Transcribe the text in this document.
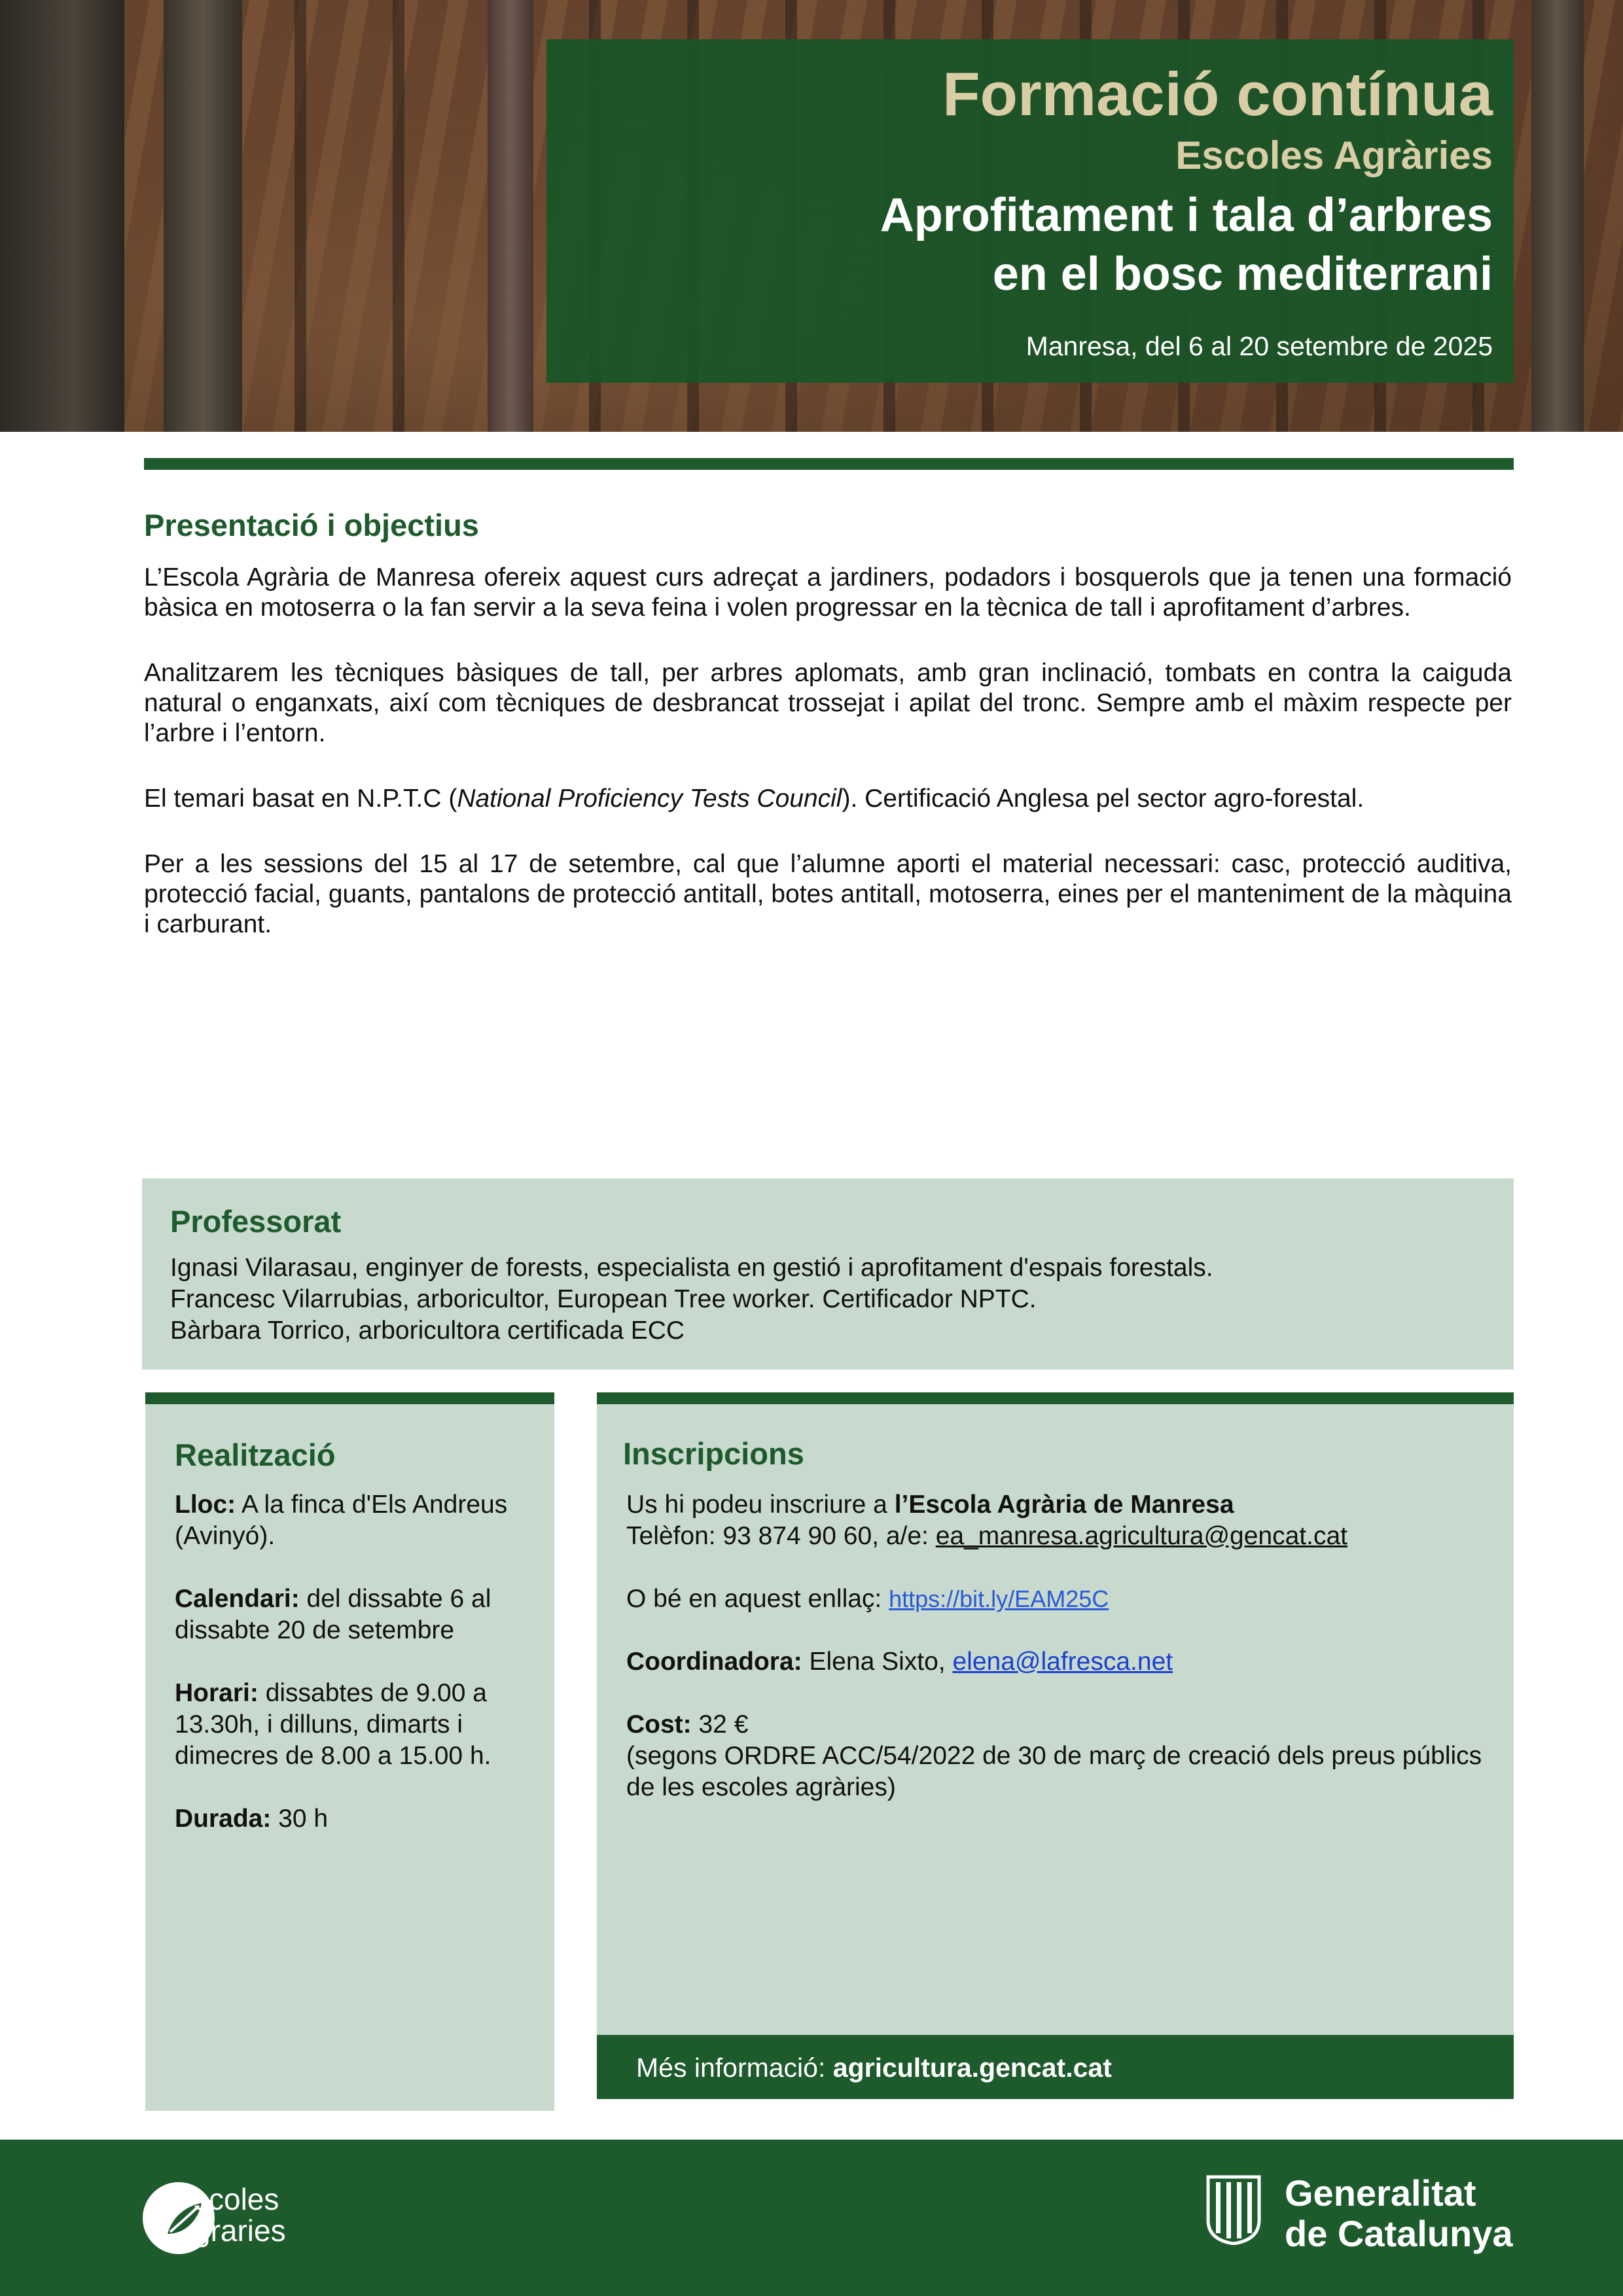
Formació contínua
Escoles Agràries
Aprofitament i tala d’arbres
en el bosc mediterrani
Manresa, del 6 al 20 setembre de 2025
Presentació i objectius

L’Escola Agrària de Manresa ofereix aquest curs adreçat a jardiners, podadors i bosquerols que ja tenen una formació bàsica en motoserra o la fan servir a la seva feina i volen progressar en la tècnica de tall i aprofitament d’arbres.

Analitzarem les tècniques bàsiques de tall, per arbres aplomats, amb gran inclinació, tombats en contra la caiguda natural o enganxats, així com tècniques de desbrancat trossejat i apilat del tronc. Sempre amb el màxim respecte per l’arbre i l’entorn.

El temari basat en N.P.T.C (National Proficiency Tests Council). Certificació Anglesa pel sector agro-forestal.

Per a les sessions del 15 al 17 de setembre, cal que l’alumne aporti el material necessari: casc, protecció auditiva, protecció facial, guants, pantalons de protecció antitall, botes antitall, motoserra, eines per el manteniment de la màquina i carburant.

Professorat
Ignasi Vilarasau, enginyer de forests, especialista en gestió i aprofitament d'espais forestals.
Francesc Vilarrubias, arboricultor, European Tree worker. Certificador NPTC.
Bàrbara Torrico, arboricultora certificada ECC
Realització
Lloc: A la finca d'Els Andreus (Avinyó).
Calendari: del dissabte 6 al dissabte 20 de setembre
Horari: dissabtes de 9.00 a 13.30h, i dilluns, dimarts i dimecres de 8.00 a 15.00 h.
Durada: 30 h
Inscripcions
Us hi podeu inscriure a l’Escola Agrària de Manresa
Telèfon: 93 874 90 60, a/e: ea_manresa.agricultura@gencat.cat
O bé en aquest enllaç: https://bit.ly/EAM25C
Coordinadora: Elena Sixto, elena@lafresca.net
Cost: 32 €
(segons ORDRE ACC/54/2022 de 30 de març de creació dels preus públics de les escoles agràries)
Més informació: agricultura.gencat.cat
scoles
graries
Generalitat
de Catalunya
